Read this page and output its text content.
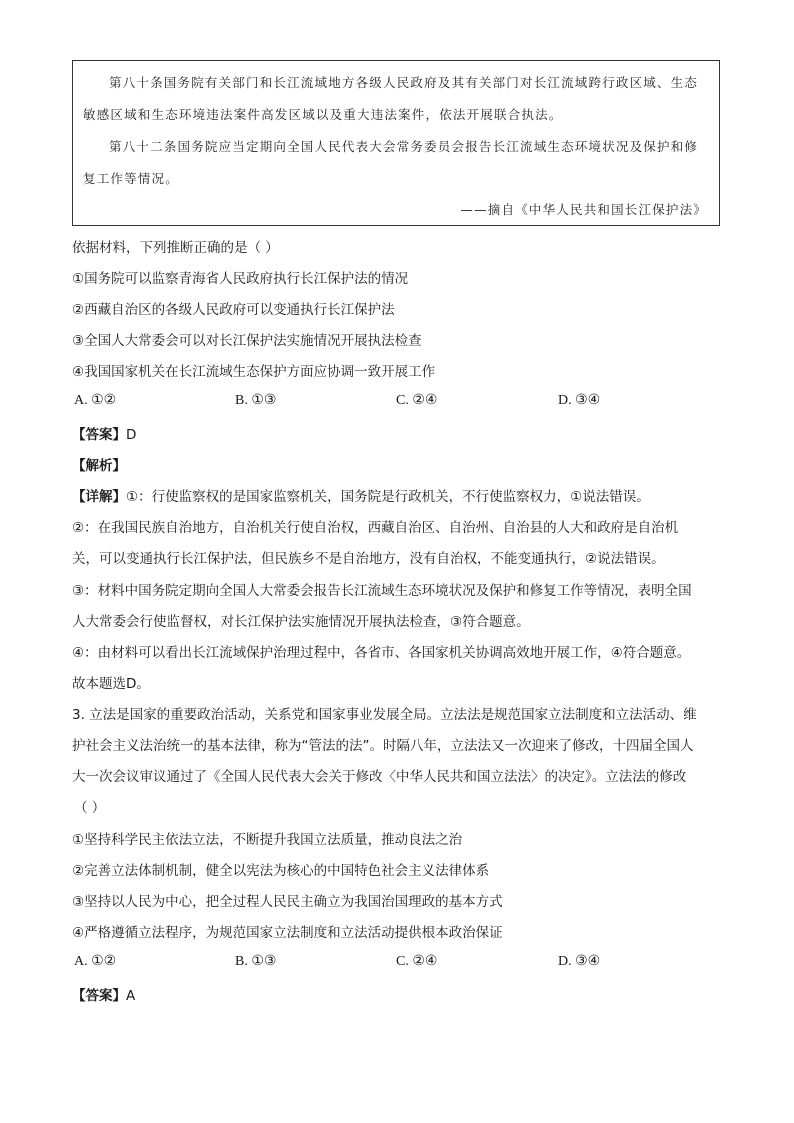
第八十条国务院有关部门和长江流域地方各级人民政府及其有关部门对长江流域跨行政区域、生态
敏感区域和生态环境违法案件高发区域以及重大违法案件，依法开展联合执法。
第八十二条国务院应当定期向全国人民代表大会常务委员会报告长江流域生态环境状况及保护和修
复工作等情况。
——摘自《中华人民共和国长江保护法》
依据材料，下列推断正确的是（ ）
①国务院可以监察青海省人民政府执行长江保护法的情况
②西藏自治区的各级人民政府可以变通执行长江保护法
③全国人大常委会可以对长江保护法实施情况开展执法检查
④我国国家机关在长江流域生态保护方面应协调一致开展工作
A. ①②	B. ①③	C. ②④	D. ③④
【答案】D
【解析】
【详解】①：行使监察权的是国家监察机关，国务院是行政机关，不行使监察权力，①说法错误。
②：在我国民族自治地方，自治机关行使自治权，西藏自治区、自治州、自治县的人大和政府是自治机
关，可以变通执行长江保护法，但民族乡不是自治地方，没有自治权，不能变通执行，②说法错误。
③：材料中国务院定期向全国人大常委会报告长江流域生态环境状况及保护和修复工作等情况，表明全国
人大常委会行使监督权，对长江保护法实施情况开展执法检查，③符合题意。
④：由材料可以看出长江流域保护治理过程中，各省市、各国家机关协调高效地开展工作，④符合题意。
故本题选D。
3. 立法是国家的重要政治活动，关系党和国家事业发展全局。立法法是规范国家立法制度和立法活动、维
护社会主义法治统一的基本法律，称为“管法的法”。时隔八年，立法法又一次迎来了修改，十四届全国人
大一次会议审议通过了《全国人民代表大会关于修改〈中华人民共和国立法法〉的决定》。立法法的修改
（ ）
①坚持科学民主依法立法，不断提升我国立法质量，推动良法之治
②完善立法体制机制，健全以宪法为核心的中国特色社会主义法律体系
③坚持以人民为中心，把全过程人民民主确立为我国治国理政的基本方式
④严格遵循立法程序，为规范国家立法制度和立法活动提供根本政治保证
A. ①②	B. ①③	C. ②④	D. ③④
【答案】A
